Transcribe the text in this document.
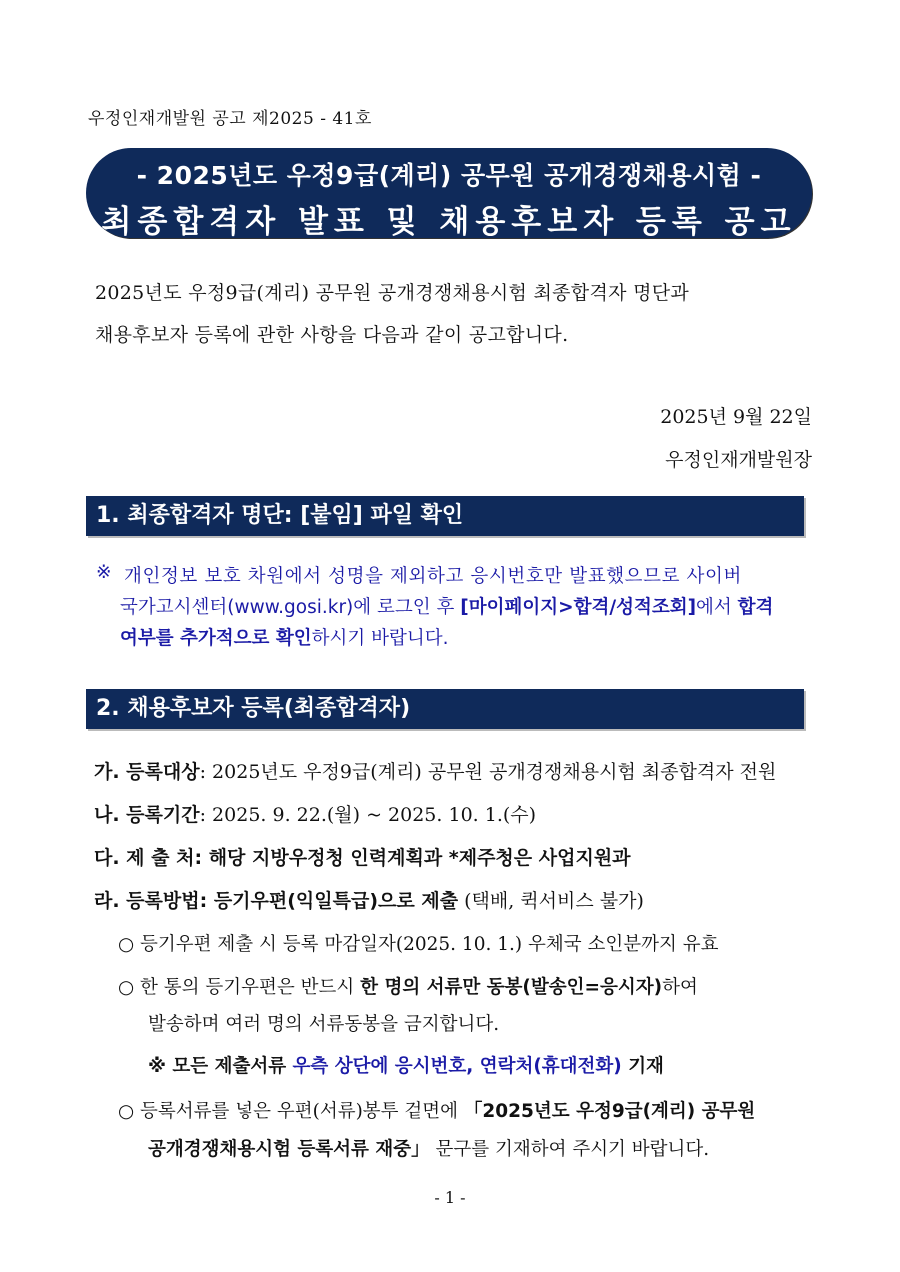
우정인재개발원 공고 제2025 - 41호
- 2025년도 우정9급(계리) 공무원 공개경쟁채용시험 -
최종합격자 발표 및 채용후보자 등록 공고
2025년도 우정9급(계리) 공무원 공개경쟁채용시험 최종합격자 명단과
채용후보자 등록에 관한 사항을 다음과 같이 공고합니다.
2025년 9월 22일
우정인재개발원장
1. 최종합격자 명단: [붙임] 파일 확인
※ 개인정보 보호 차원에서 성명을 제외하고 응시번호만 발표했으므로 사이버
국가고시센터(www.gosi.kr)에 로그인 후 [마이페이지>합격/성적조회]에서 합격
여부를 추가적으로 확인하시기 바랍니다.
2. 채용후보자 등록(최종합격자)
가. 등록대상: 2025년도 우정9급(계리) 공무원 공개경쟁채용시험 최종합격자 전원
나. 등록기간: 2025. 9. 22.(월) ~ 2025. 10. 1.(수)
다. 제 출 처: 해당 지방우정청 인력계획과 *제주청은 사업지원과
라. 등록방법: 등기우편(익일특급)으로 제출 (택배, 퀵서비스 불가)
○ 등기우편 제출 시 등록 마감일자(2025. 10. 1.) 우체국 소인분까지 유효
○ 한 통의 등기우편은 반드시 한 명의 서류만 동봉(발송인=응시자)하여
발송하며 여러 명의 서류동봉을 금지합니다.
※ 모든 제출서류 우측 상단에 응시번호, 연락처(휴대전화) 기재
○ 등록서류를 넣은 우편(서류)봉투 겉면에 「2025년도 우정9급(계리) 공무원
공개경쟁채용시험 등록서류 재중」 문구를 기재하여 주시기 바랍니다.
- 1 -
